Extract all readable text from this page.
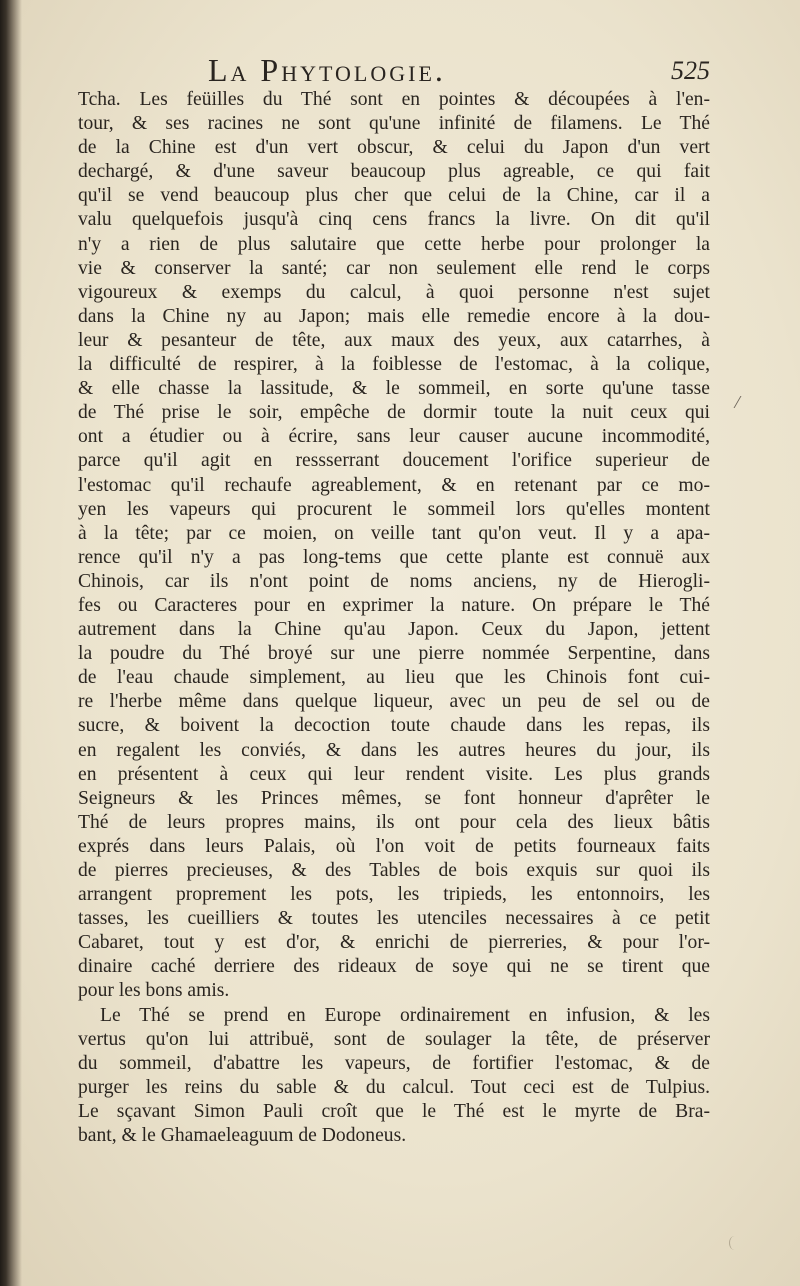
La Phytologie.	525
Tcha. Les feüilles du Thé sont en pointes & découpées à l'en-
tour, & ses racines ne sont qu'une infinité de filamens. Le Thé
de la Chine est d'un vert obscur, & celui du Japon d'un vert
dechargé, & d'une saveur beaucoup plus agreable, ce qui fait
qu'il se vend beaucoup plus cher que celui de la Chine, car il a
valu quelquefois jusqu'à cinq cens francs la livre. On dit qu'il
n'y a rien de plus salutaire que cette herbe pour prolonger la
vie & conserver la santé; car non seulement elle rend le corps
vigoureux & exemps du calcul, à quoi personne n'est sujet
dans la Chine ny au Japon; mais elle remedie encore à la dou-
leur & pesanteur de tête, aux maux des yeux, aux catarrhes, à
la difficulté de respirer, à la foiblesse de l'estomac, à la colique,
& elle chasse la lassitude, & le sommeil, en sorte qu'une tasse
de Thé prise le soir, empêche de dormir toute la nuit ceux qui
ont a étudier ou à écrire, sans leur causer aucune incommodité,
parce qu'il agit en ressserrant doucement l'orifice superieur de
l'estomac qu'il rechaufe agreablement, & en retenant par ce mo-
yen les vapeurs qui procurent le sommeil lors qu'elles montent
à la tête; par ce moien, on veille tant qu'on veut. Il y a apa-
rence qu'il n'y a pas long-tems que cette plante est connuë aux
Chinois, car ils n'ont point de noms anciens, ny de Hierogli-
fes ou Caracteres pour en exprimer la nature. On prépare le Thé
autrement dans la Chine qu'au Japon. Ceux du Japon, jettent
la poudre du Thé broyé sur une pierre nommée Serpentine, dans
de l'eau chaude simplement, au lieu que les Chinois font cui-
re l'herbe même dans quelque liqueur, avec un peu de sel ou de
sucre, & boivent la decoction toute chaude dans les repas, ils
en regalent les conviés, & dans les autres heures du jour, ils
en présentent à ceux qui leur rendent visite. Les plus grands
Seigneurs & les Princes mêmes, se font honneur d'aprêter le
Thé de leurs propres mains, ils ont pour cela des lieux bâtis
exprés dans leurs Palais, où l'on voit de petits fourneaux faits
de pierres precieuses, & des Tables de bois exquis sur quoi ils
arrangent proprement les pots, les tripieds, les entonnoirs, les
tasses, les cueilliers & toutes les utenciles necessaires à ce petit
Cabaret, tout y est d'or, & enrichi de pierreries, & pour l'or-
dinaire caché derriere des rideaux de soye qui ne se tirent que
pour les bons amis.
Le Thé se prend en Europe ordinairement en infusion, & les
vertus qu'on lui attribuë, sont de soulager la tête, de préserver
du sommeil, d'abattre les vapeurs, de fortifier l'estomac, & de
purger les reins du sable & du calcul. Tout ceci est de Tulpius.
Le sçavant Simon Pauli croît que le Thé est le myrte de Bra-
bant, & le Ghamaeleaguum de Dodoneus.
